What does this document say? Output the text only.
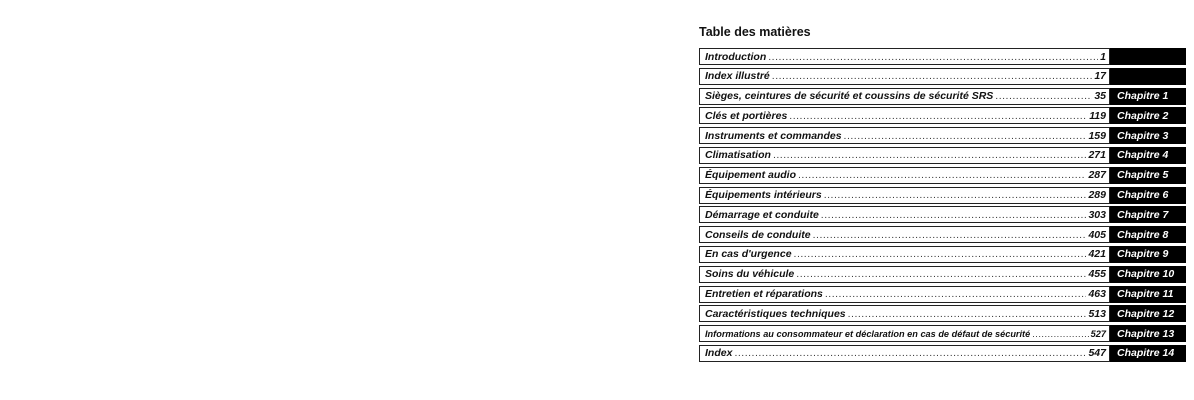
Table des matières
Introduction .....	1
Index illustré .....	17
Sièges, ceintures de sécurité et coussins de sécurité SRS .....	35	Chapitre 1
Clés et portières .....	119	Chapitre 2
Instruments et commandes .....	159	Chapitre 3
Climatisation .....	271	Chapitre 4
Équipement audio .....	287	Chapitre 5
Équipements intérieurs .....	289	Chapitre 6
Démarrage et conduite .....	303	Chapitre 7
Conseils de conduite .....	405	Chapitre 8
En cas d'urgence .....	421	Chapitre 9
Soins du véhicule .....	455	Chapitre 10
Entretien et réparations .....	463	Chapitre 11
Caractéristiques techniques .....	513	Chapitre 12
Informations au consommateur et déclaration en cas de défaut de sécurité .....	527	Chapitre 13
Index .....	547	Chapitre 14
